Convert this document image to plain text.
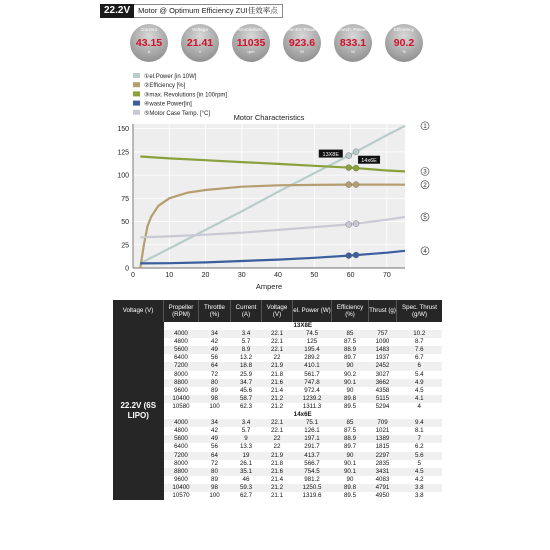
22.2V	Motor @ Optimum Efficiency ZUI佳效率点
Current
43.15
A
Voltage
21.41
V
Revolutions*
11035
rpm
electric Power
923.6
W
mech. Power
833.1
W
Efficiency
90.2
%
0
25
50
75
100
125
150
0	10	20	30	40	50	60	70
Motor Characteristics
Ampere
1
2
3
4
5
13X8E
14x6E
①el.Power [in 10W]
②Efficiency [%]
③max. Revolutions [in 100rpm]
④waste Power[in]
⑤Motor Case Temp. [°C]
Voltage (V)	Propeller (RPM)	Throttle (%)	Current (A)	Voltage (V)	el. Power (W)	Efficiency (%)	Thrust (g)	Spec. Thrust (g/W)
22.2V (6S LIPO)	13X8E							
	4000	34	3.4	22.1	74.5	85	757	10.2
	4800	42	5.7	22.1	125	87.5	1090	8.7
	5600	49	8.9	22.1	195.4	88.9	1483	7.6
	6400	56	13.2	22	289.2	89.7	1937	6.7
	7200	64	18.8	21.9	410.1	90	2452	6
	8000	72	25.9	21.8	561.7	90.2	3027	5.4
	8800	80	34.7	21.6	747.8	90.1	3662	4.9
	9600	89	45.6	21.4	972.4	90	4358	4.5
	10400	98	58.7	21.2	1239.2	89.8	5115	4.1
	10580	100	62.3	21.2	1311.3	89.5	5294	4
	14x6E							
	4000	34	3.4	22.1	75.1	85	709	9.4
	4800	42	5.7	22.1	126.1	87.5	1021	8.1
	5600	49	9	22	197.1	88.9	1389	7
	6400	56	13.3	22	291.7	89.7	1815	6.2
	7200	64	19	21.9	413.7	90	2297	5.6
	8000	72	26.1	21.8	566.7	90.1	2835	5
	8800	80	35.1	21.6	754.5	90.1	3431	4.5
	9600	89	46	21.4	981.2	90	4083	4.2
	10400	98	59.3	21.2	1250.5	89.8	4791	3.8
	10570	100	62.7	21.1	1319.6	89.5	4950	3.8
